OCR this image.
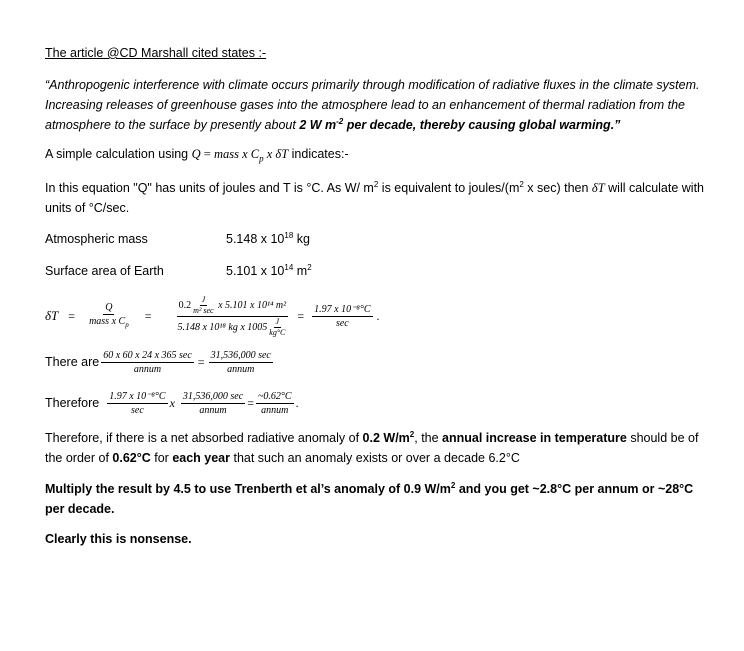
The article @CD Marshall cited states :-
“Anthropogenic interference with climate occurs primarily through modification of radiative fluxes in the climate system. Increasing releases of greenhouse gases into the atmosphere lead to an enhancement of thermal radiation from the atmosphere to the surface by presently about 2 W $m^{-2}$ per decade, thereby causing global warming.”
A simple calculation using Q = mass x $C_p$ x δT indicates:-
In this equation "Q" has units of joules and T is °C. As W/ $m^2$ is equivalent to joules/($m^2$ x sec) then δT will calculate with units of °C/sec.
Atmospheric mass	5.148 x $10^{18}$ kg
Surface area of Earth	5.101 x $10^{14}$ $m^2$
$\delta T = \frac{Q}{mass x C_p} = \frac{0.2 \frac{J}{\text{m² sec}} x 5.101 x 10^{14} m^2}{5.148 x 10^{18} kg x 1005 \frac{J}{kg^\circ C}} = \frac{\text{1.97 x 10⁻⁸°C}}{\sec}$ .
There are $\frac{60 x 60 x 24 x 365 \sec}{\text{annum}} = \frac{31,536,000 \sec}{\text{annum}}$
Therefore $\frac{\text{1.97 x 10⁻⁸°C}}{\sec}$ x $\frac{31,536,000 \sec}{\text{annum}} = \frac{\sim 0.62^\circ C}{\text{annum}}$ .
Therefore, if there is a net absorbed radiative anomaly of 0.2 $W/m^2$, the annual increase in temperature should be of the order of 0.62°C for each year that such an anomaly exists or over a decade 6.2°C
Multiply the result by 4.5 to use Trenberth et al’s anomaly of 0.9 $W/m^2$ and you get ~2.8°C per annum or ~28°C per decade.
Clearly this is nonsense.
